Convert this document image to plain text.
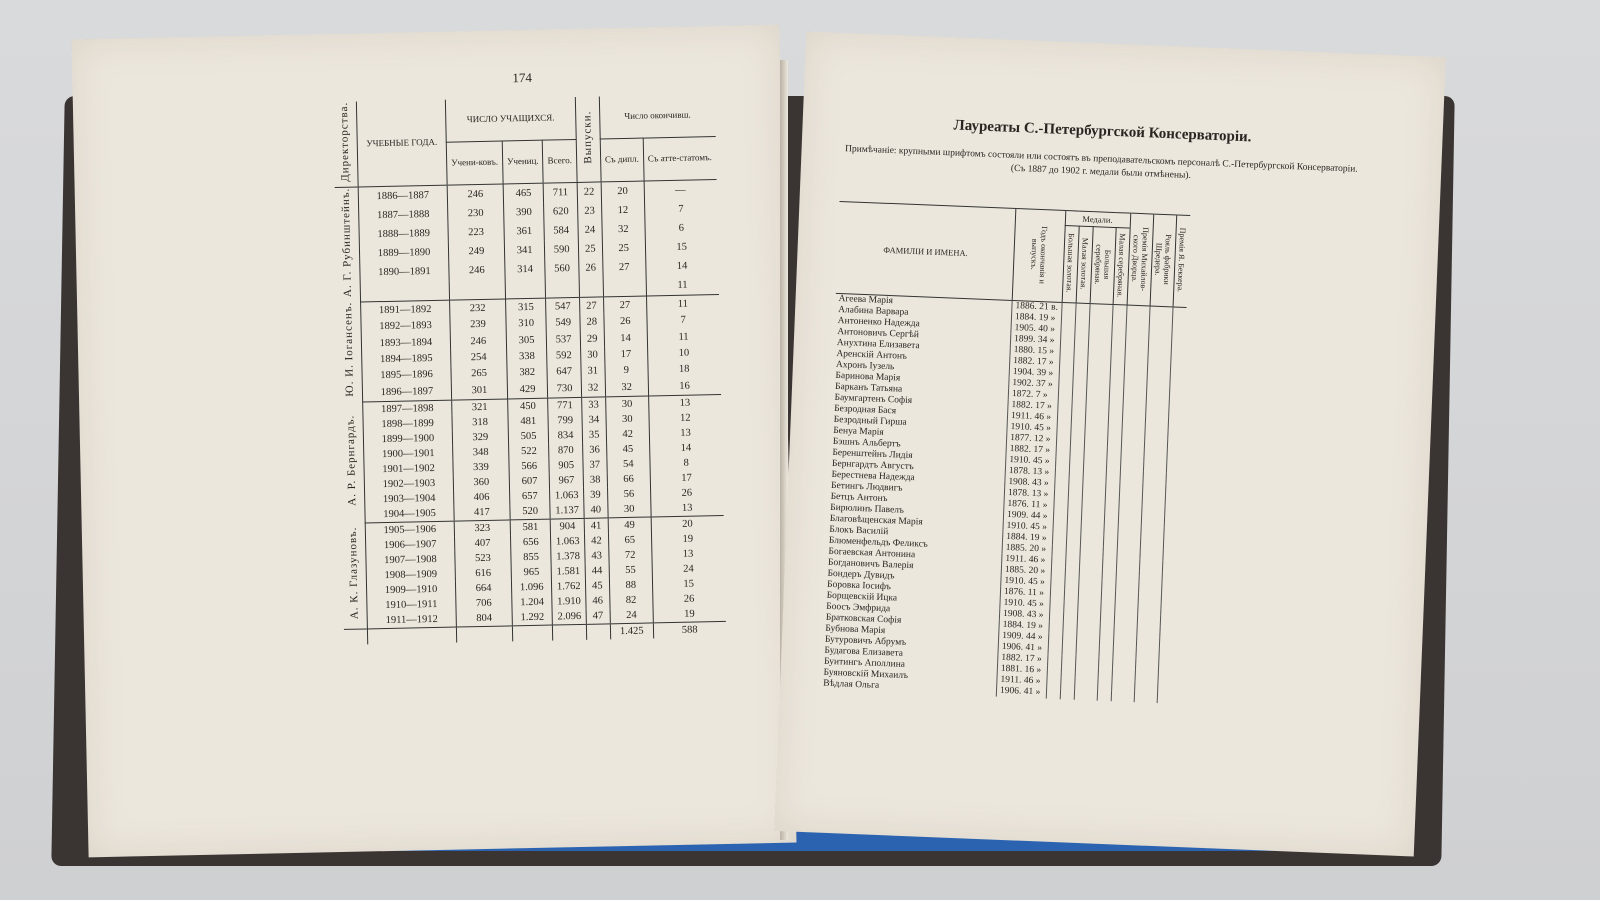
174
Директорства.	УЧЕБНЫЕ ГОДА.	ЧИСЛО УЧАЩИХСЯ.			Выпуски.	Число окончивш.	
		Учени-ковъ.	Учениц.	Всего.		Съ дипл.	Съ атте-статомъ.
А. Г. Рубинштейнъ.	1886—1887	246	465	711	22	20	—
	1887—1888	230	390	620	23	12	7
	1888—1889	223	361	584	24	32	6
	1889—1890	249	341	590	25	25	15
	1890—1891	246	314	560	26	27	14
							11
Ю. И. Іогансенъ.	1891—1892	232	315	547	27	27	11
	1892—1893	239	310	549	28	26	7
	1893—1894	246	305	537	29	14	11
	1894—1895	254	338	592	30	17	10
	1895—1896	265	382	647	31	9	18
	1896—1897	301	429	730	32	32	16
А. Р. Бернгардъ.	1897—1898	321	450	771	33	30	13
	1898—1899	318	481	799	34	30	12
	1899—1900	329	505	834	35	42	13
	1900—1901	348	522	870	36	45	14
	1901—1902	339	566	905	37	54	8
	1902—1903	360	607	967	38	66	17
	1903—1904	406	657	1.063	39	56	26
	1904—1905	417	520	1.137	40	30	13
А. К. Глазуновъ.	1905—1906	323	581	904	41	49	20
	1906—1907	407	656	1.063	42	65	19
	1907—1908	523	855	1.378	43	72	13
	1908—1909	616	965	1.581	44	55	24
	1909—1910	664	1.096	1.762	45	88	15
	1910—1911	706	1.204	1.910	46	82	26
	1911—1912	804	1.292	2.096	47	24	19
						1.425	588
Лауреаты С.-Петербургской Консерваторіи.
Примѣчаніе: крупными шрифтомъ состояли или состоятъ въ преподавательскомъ персоналѣ С.-Петербургской Консерваторіи. (Съ 1887 до 1902 г. медали были отмѣнены).
ФАМИЛІИ И ИМЕНА.	Годъ окончанія и выпускъ.	Медали.				Премія Михайлов-ского Дворца.	Рояль фабрики Шредера.	Премія Я. Беккера.
		Большая золотая.	Малая золотая.	Большая серебряная.	Малая серебряная.			
Агеева Марія	1886. 21 в.							
Алабина Варвара	1884. 19 »							
Антоненко Надежда	1905. 40 »							
Антоновичъ Сергѣй	1899. 34 »							
Анухтина Елизавета	1880. 15 »							
Аренскій Антонъ	1882. 17 »							
Ахронъ Іузель	1904. 39 »							
Баринова Марія	1902. 37 »							
Барканъ Татьяна	1872. 7 »							
Баумгартенъ Софія	1882. 17 »							
Безродная Бася	1911. 46 »							
Безродный Гирша	1910. 45 »							
Бенуа Марія	1877. 12 »							
Бэшнъ Альбертъ	1882. 17 »							
Беренштейнъ Лидія	1910. 45 »							
Бернгардтъ Августъ	1878. 13 »							
Берестнева Надежда	1908. 43 »							
Бетингъ Людвигъ	1878. 13 »							
Бетцъ Антонъ	1876. 11 »							
Бирюлинъ Павелъ	1909. 44 »							
Благовѣщенская Марія	1910. 45 »							
Блокъ Василій	1884. 19 »							
Блюменфельдъ Феликсъ	1885. 20 »							
Богаевская Антонина	1911. 46 »							
Богдановичъ Валерія	1885. 20 »							
Бондеръ Дувидъ	1910. 45 »							
Боровка Іосифъ	1876. 11 »							
Борщевскій Ицка	1910. 45 »							
Боосъ Эмфрида	1908. 43 »							
Братковская Софія	1884. 19 »							
Бубнова Марія	1909. 44 »							
Бутуровичъ Абрумъ	1906. 41 »							
Будагова Елизавета	1882. 17 »							
Буитингъ Аполлина	1881. 16 »							
Буяновскій Михаилъ	1911. 46 »							
Вѣдлая Ольга	1906. 41 »							
